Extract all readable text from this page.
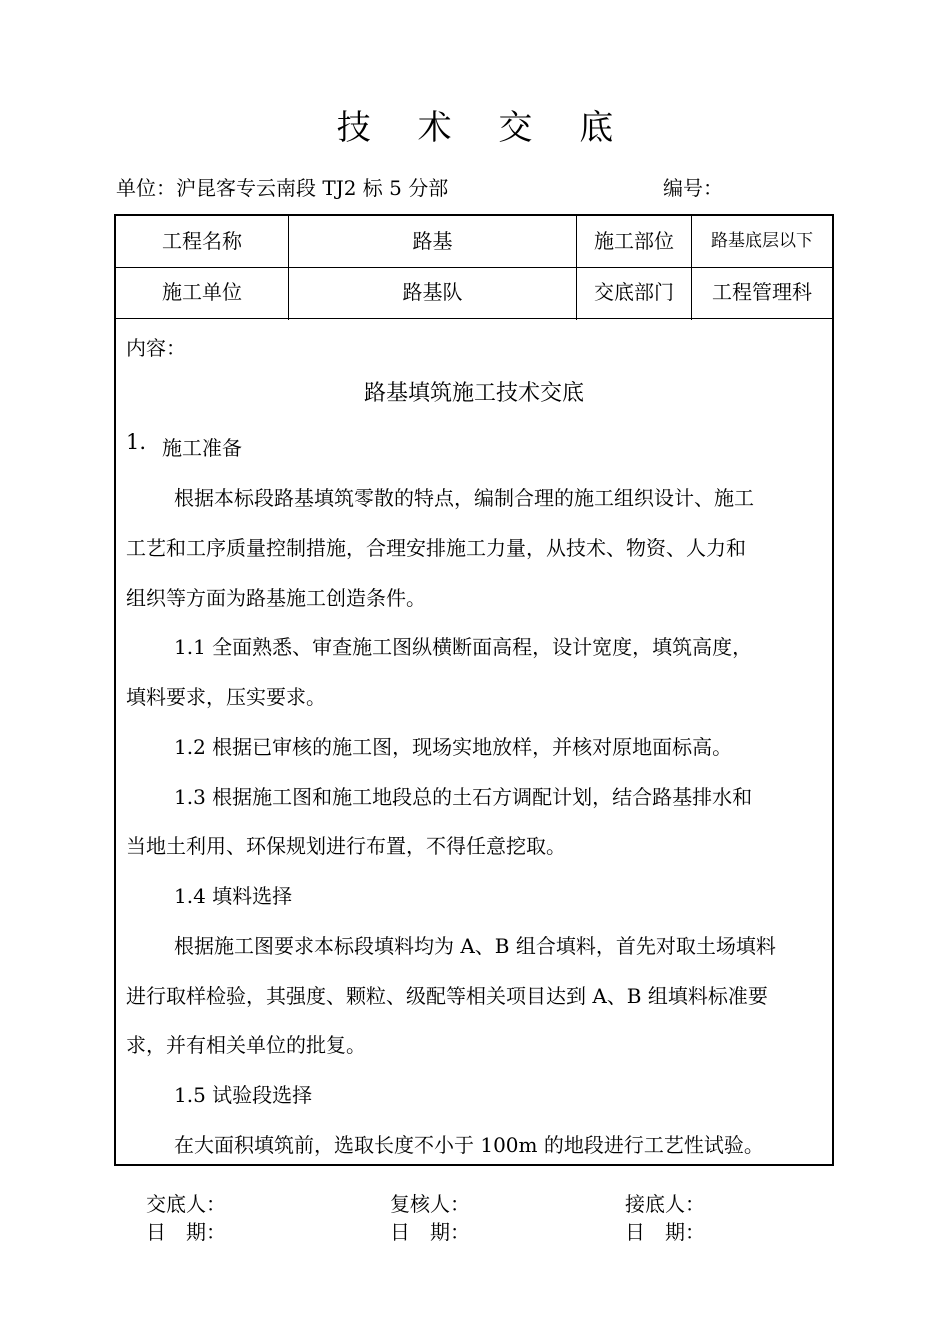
技 术 交 底
单位：沪昆客专云南段 TJ2 标 5 分部	编号：
工程名称	路基	施工部位	路基底层以下
施工单位	路基队	交底部门	工程管理科
内容：
路基填筑施工技术交底
1. 施工准备
根据本标段路基填筑零散的特点，编制合理的施工组织设计、施工
工艺和工序质量控制措施，合理安排施工力量，从技术、物资、人力和
组织等方面为路基施工创造条件。
1.1 全面熟悉、审查施工图纵横断面高程，设计宽度，填筑高度，
填料要求，压实要求。
1.2 根据已审核的施工图，现场实地放样，并核对原地面标高。
1.3 根据施工图和施工地段总的土石方调配计划，结合路基排水和
当地土利用、环保规划进行布置，不得任意挖取。
1.4 填料选择
根据施工图要求本标段填料均为 A、B 组合填料，首先对取土场填料
进行取样检验，其强度、颗粒、级配等相关项目达到 A、B 组填料标准要
求，并有相关单位的批复。
1.5 试验段选择
在大面积填筑前，选取长度不小于 100m 的地段进行工艺性试验。
交底人：	复核人：	接底人：
日　期：	日　期：	日　期：
